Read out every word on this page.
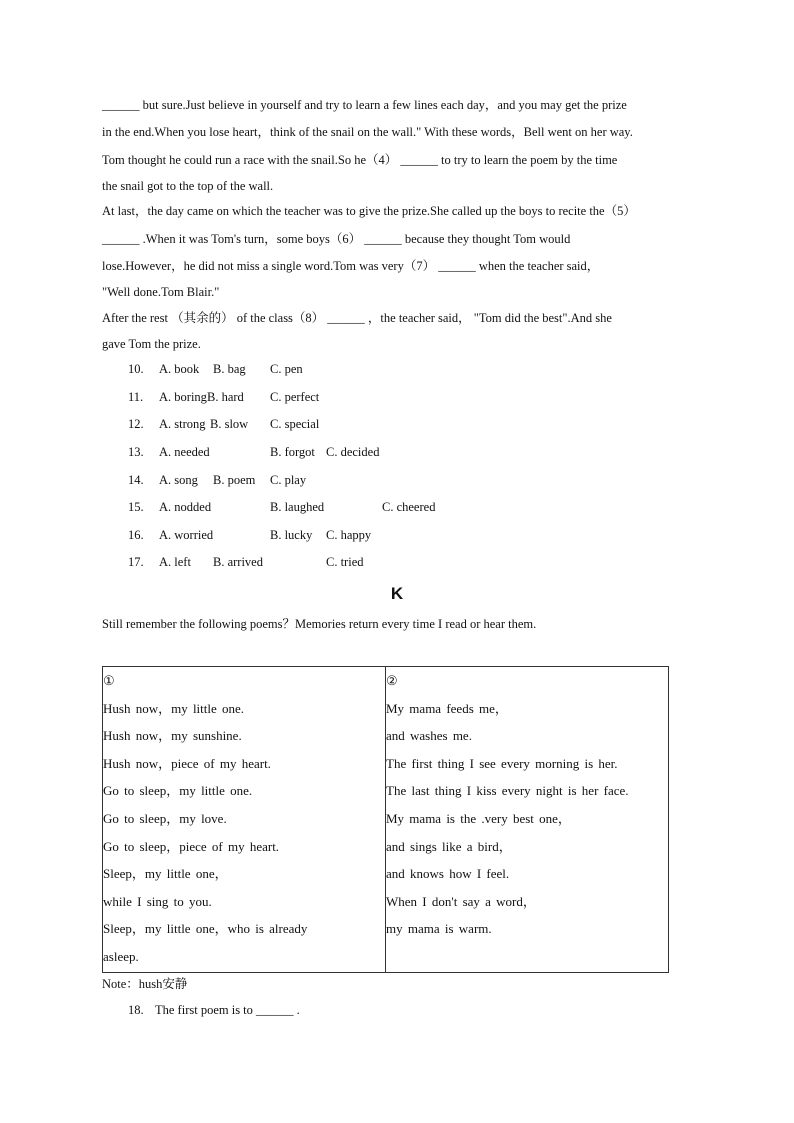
______ but sure.Just believe in yourself and try to learn a few lines each day，and you may get the prize
in the end.When you lose heart，think of the snail on the wall." With these words，Bell went on her way.
Tom thought he could run a race with the snail.So he（4） ______ to try to learn the poem by the time
the snail got to the top of the wall.
At last，the day came on which the teacher was to give the prize.She called up the boys to recite the（5）
______ .When it was Tom's turn，some boys（6） ______ because they thought Tom would
lose.However，he did not miss a single word.Tom was very（7） ______ when the teacher said，
"Well done.Tom Blair."
After the rest （其余的） of the class（8） ______ ，the teacher said， "Tom did the best".And she
gave Tom the prize.
10. A. book B. bag C. pen
11. A. boring B. hard C. perfect
12. A. strong B. slow C. special
13. A. needed	B. forgot C. decided
14. A. song B. poem C. play
15. A. nodded	B. laughed	C. cheered
16. A. worried	B. lucky C. happy
17. A. left B. arrived	C. tried
K
Still remember the following poems？Memories return every time I read or hear them.
①
Hush now，my little one.
Hush now，my sunshine.
Hush now，piece of my heart.
Go to sleep，my little one.
Go to sleep，my love.
Go to sleep，piece of my heart.
Sleep，my little one，
while I sing to you.
Sleep，my little one，who is already
asleep.

②
My mama feeds me，
and washes me.
The first thing I see every morning is her.
The last thing I kiss every night is her face.
My mama is the .very best one，
and sings like a bird，
and knows how I feel.
When I don't say a word，
my mama is warm.
Note：hush安静
18. The first poem is to ______ .
